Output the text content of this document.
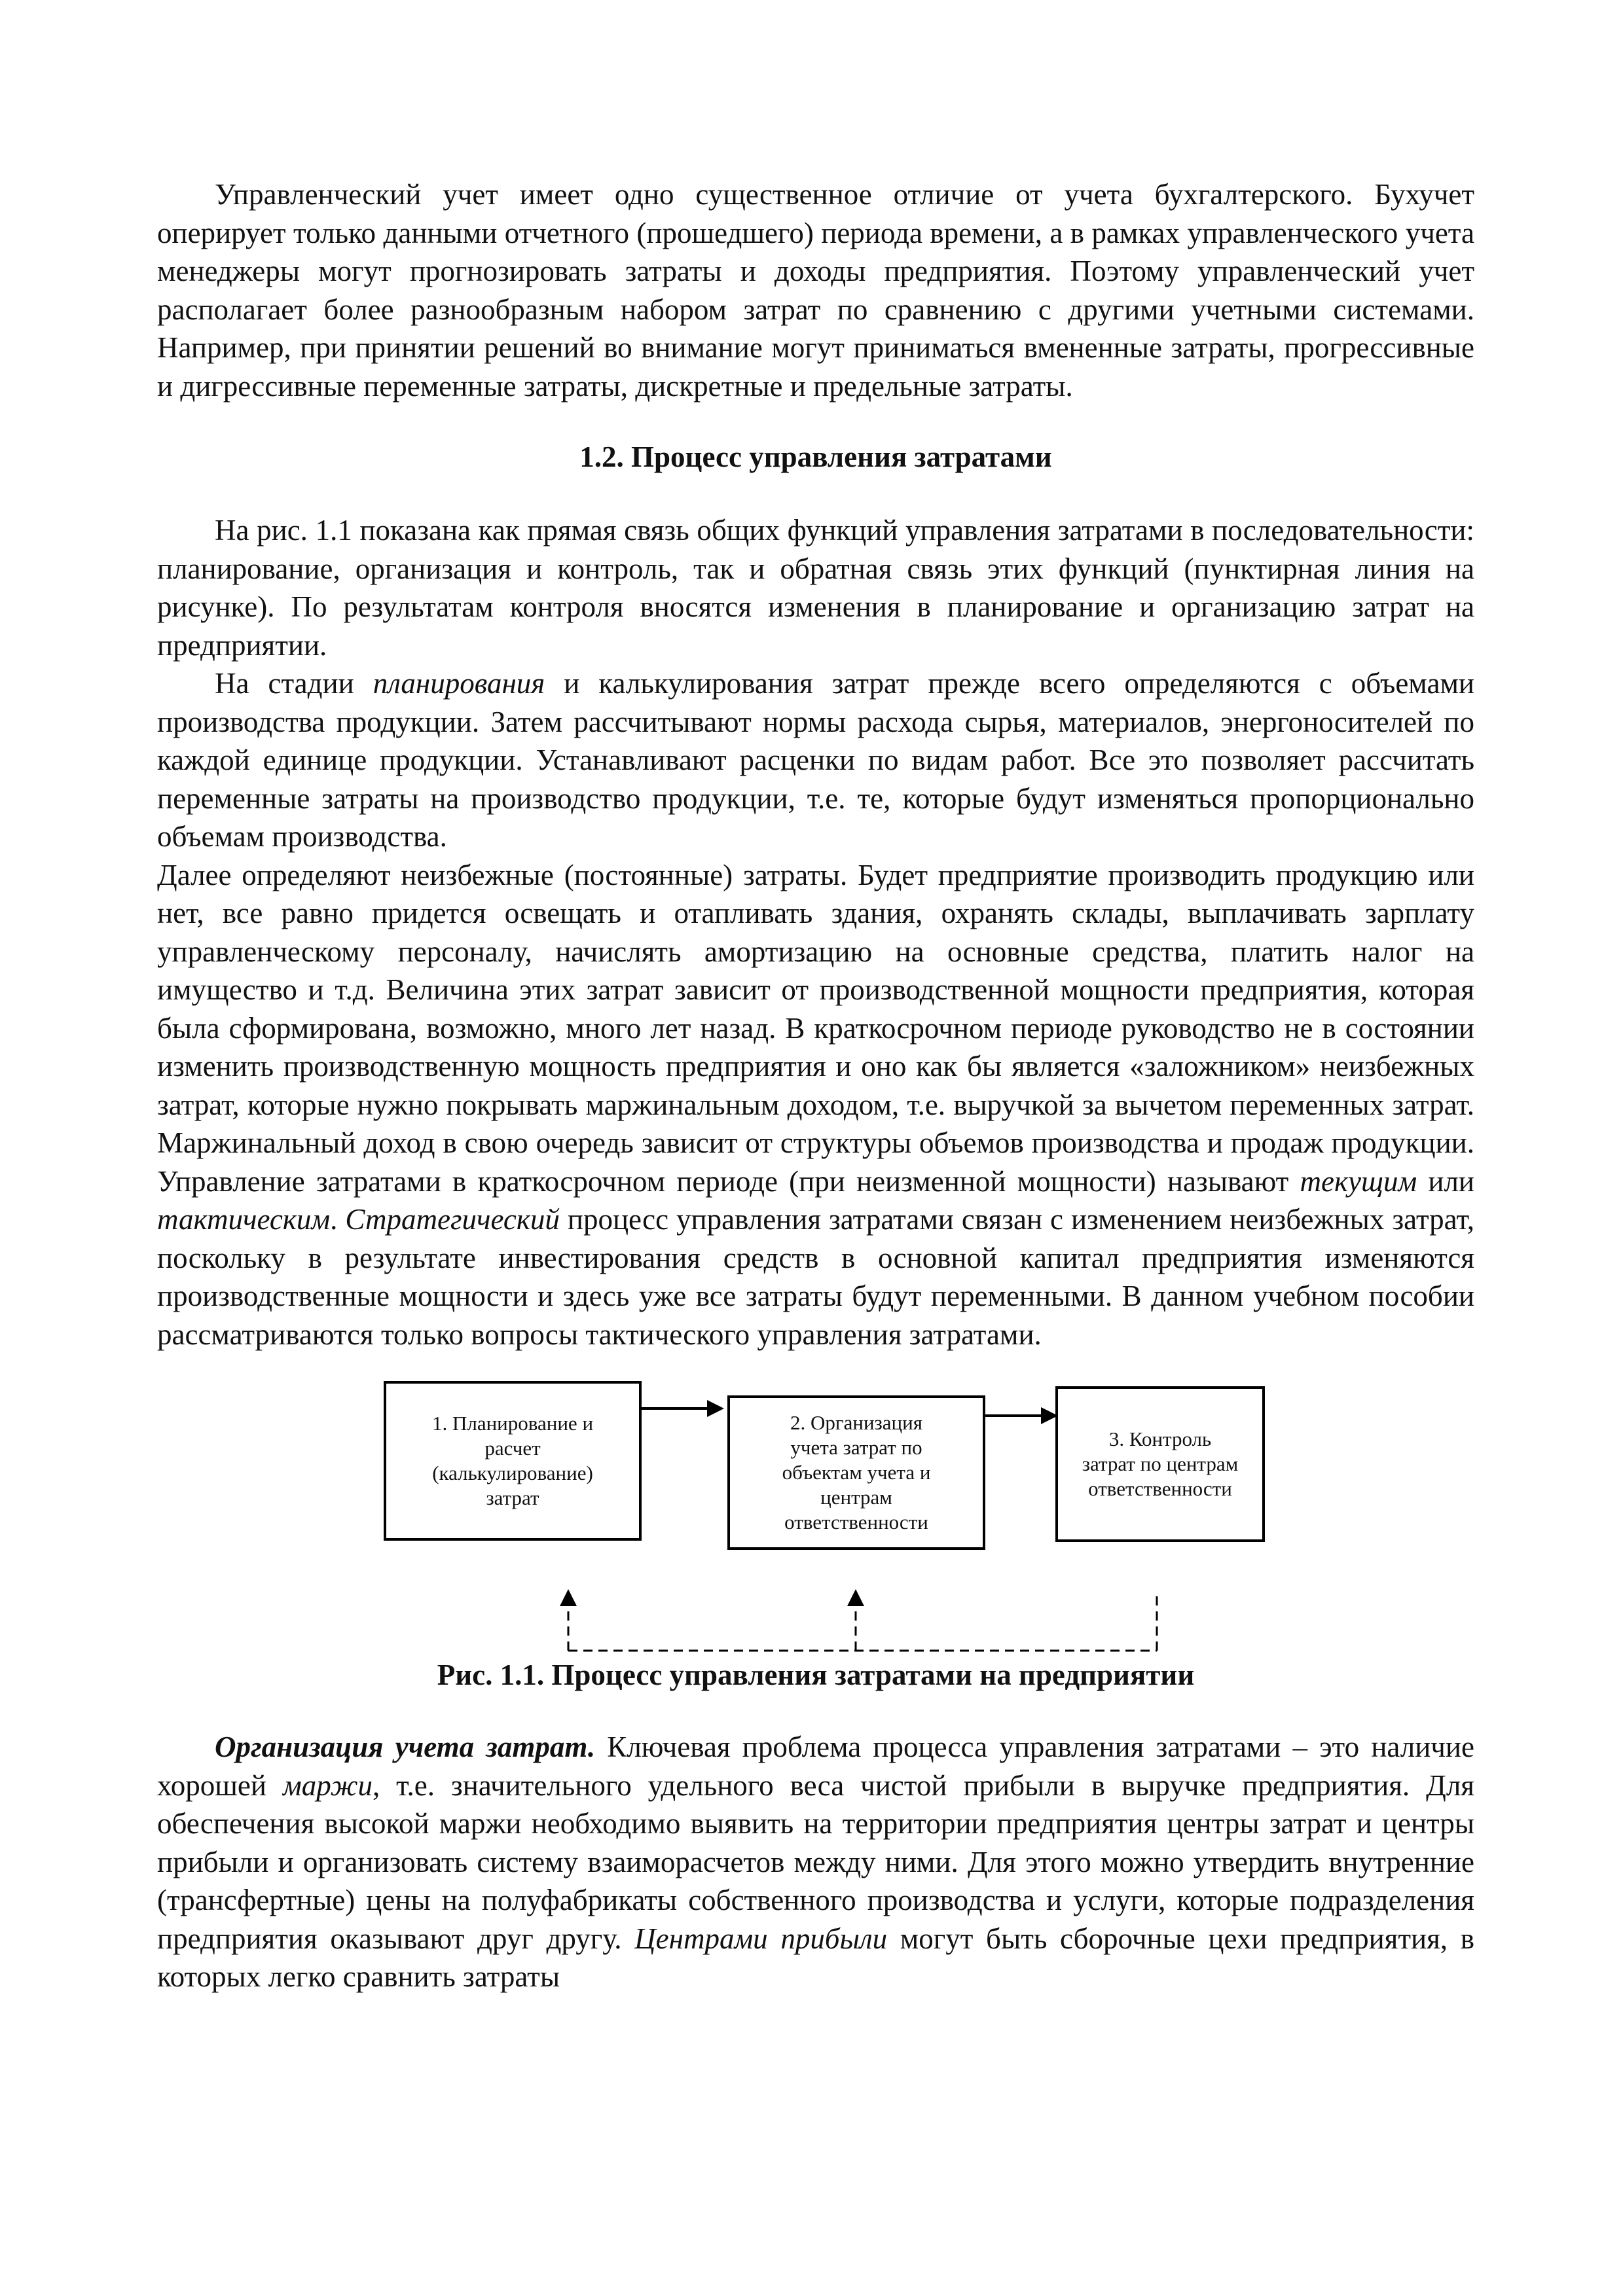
Управленческий учет имеет одно существенное отличие от учета бухгалтерского. Бухучет оперирует только данными отчетного (прошедшего) периода времени, а в рамках управленческого учета менеджеры могут прогнозировать затраты и доходы предприятия. Поэтому управленческий учет располагает более разнообразным набором затрат по сравнению с другими учетными системами. Например, при принятии решений во внимание могут приниматься вмененные затраты, прогрессивные и дигрессивные переменные затраты, дискретные и предельные затраты.

1.2. Процесс управления затратами

На рис. 1.1 показана как прямая связь общих функций управления затратами в последовательности: планирование, организация и контроль, так и обратная связь этих функций (пунктирная линия на рисунке). По результатам контроля вносятся изменения в планирование и организацию затрат на предприятии.

На стадии планирования и калькулирования затрат прежде всего определяются с объемами производства продукции. Затем рассчитывают нормы расхода сырья, материалов, энергоносителей по каждой единице продукции. Устанавливают расценки по видам работ. Все это позволяет рассчитать переменные затраты на производство продукции, т.е. те, которые будут изменяться пропорционально объемам производства.

Далее определяют неизбежные (постоянные) затраты. Будет предприятие производить продукцию или нет, все равно придется освещать и отапливать здания, охранять склады, выплачивать зарплату управленческому персоналу, начислять амортизацию на основные средства, платить налог на имущество и т.д. Величина этих затрат зависит от производственной мощности предприятия, которая была сформирована, возможно, много лет назад. В краткосрочном периоде руководство не в состоянии изменить производственную мощность предприятия и оно как бы является «заложником» неизбежных затрат, которые нужно покрывать маржинальным доходом, т.е. выручкой за вычетом переменных затрат. Маржинальный доход в свою очередь зависит от структуры объемов производства и продаж продукции. Управление затратами в краткосрочном периоде (при неизменной мощности) называют текущим или тактическим. Стратегический процесс управления затратами связан с изменением неизбежных затрат, поскольку в результате инвестирования средств в основной капитал предприятия изменяются производственные мощности и здесь уже все затраты будут переменными. В данном учебном пособии рассматриваются только вопросы тактического управления затратами.

1. Планирование и
расчет
(калькулирование)
затрат
2. Организация
учета затрат по
объектам учета и
центрам
ответственности
3. Контроль
затрат по центрам
ответственности
Рис. 1.1. Процесс управления затратами на предприятии

Организация учета затрат. Ключевая проблема процесса управления затратами – это наличие хорошей маржи, т.е. значительного удельного веса чистой прибыли в выручке предприятия. Для обеспечения высокой маржи необходимо выявить на территории предприятия центры затрат и центры прибыли и организовать систему взаиморасчетов между ними. Для этого можно утвердить внутренние (трансфертные) цены на полуфабрикаты собственного производства и услуги, которые подразделения предприятия оказывают друг другу. Центрами прибыли могут быть сборочные цехи предприятия, в которых легко сравнить затраты
